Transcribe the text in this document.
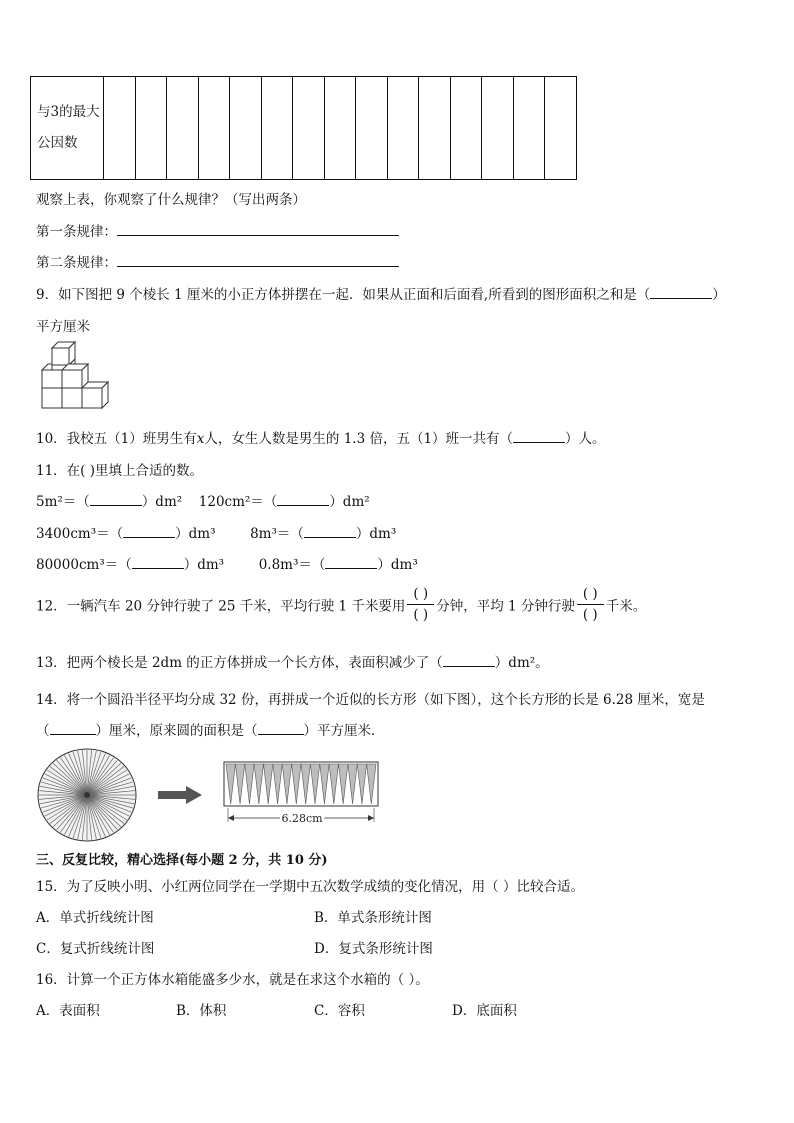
与3的最大公因数															
观察上表，你观察了什么规律？（写出两条）
第一条规律：
第二条规律：
9．如下图把 9 个棱长 1 厘米的小正方体拼摆在一起．如果从正面和后面看,所看到的图形面积之和是（	）
平方厘米
10．我校五（1）班男生有x人，女生人数是男生的 1.3 倍，五（1）班一共有（	）人。
11．在( )里填上合适的数。
5m²＝（	）dm² 120cm²＝（	）dm²
3400cm³＝（	）dm³	8m³＝（	）dm³
80000cm³＝（	）dm³	0.8m³＝（	）dm³
12．一辆汽车 20 分钟行驶了 25 千米，平均行驶 1 千米要用 $\frac{( )}{( )}$ 分钟，平均 1 分钟行驶 $\frac{( )}{( )}$ 千米。
13．把两个棱长是 2dm 的正方体拼成一个长方体，表面积减少了（	）dm²。
14．将一个圆沿半径平均分成 32 份，再拼成一个近似的长方形（如下图），这个长方形的长是 6.28 厘米，宽是
（	）厘米，原来圆的面积是（	）平方厘米．
6.28cm
三、反复比较，精心选择(每小题 2 分，共 10 分)
15．为了反映小明、小红两位同学在一学期中五次数学成绩的变化情况，用（ ）比较合适。
A．单式折线统计图	B．单式条形统计图
C．复式折线统计图	D．复式条形统计图
16．计算一个正方体水箱能盛多少水，就是在求这个水箱的（ ）。
A．表面积	B．体积	C．容积	D．底面积
